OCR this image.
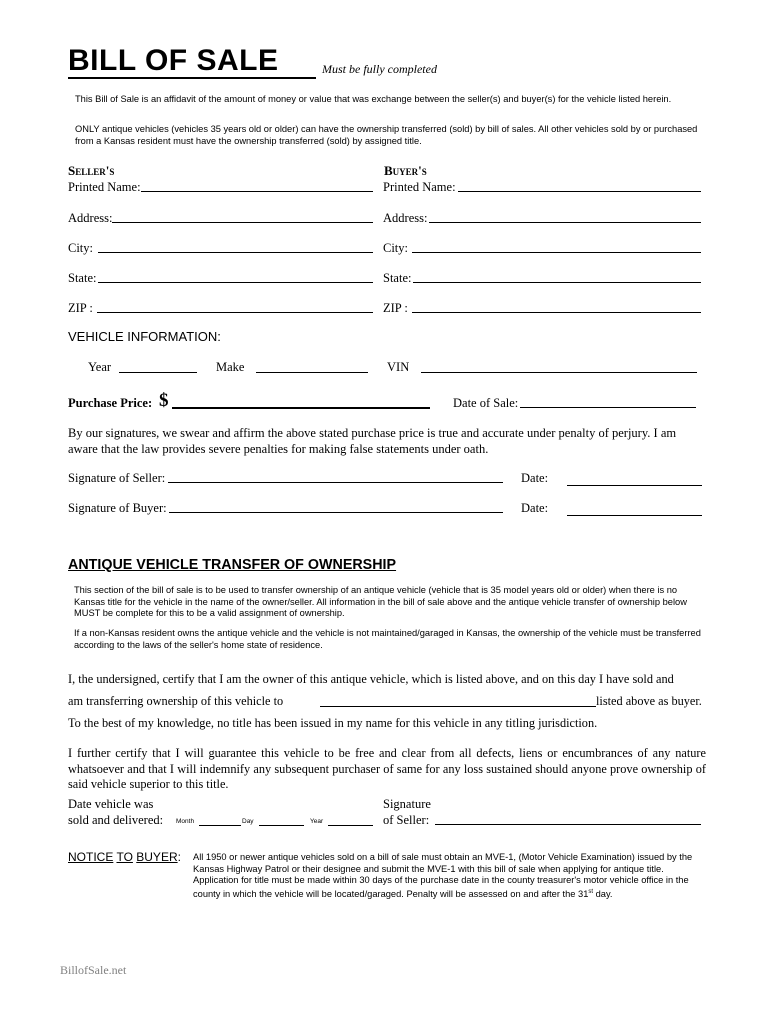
BILL OF SALE	Must be fully completed
This Bill of Sale is an affidavit of the amount of money or value that was exchange between the seller(s) and buyer(s) for the vehicle listed herein.
ONLY antique vehicles (vehicles 35 years old or older) can have the ownership transferred (sold) by bill of sales. All other vehicles sold by or purchased from a Kansas resident must have the ownership transferred (sold) by assigned title.
Seller's
Printed Name:
Address:
City:
State:
ZIP :
Buyer's
Printed Name:
Address:
City:
State:
ZIP :
VEHICLE INFORMATION:
Year	Make	VIN
Purchase Price: $	Date of Sale:
By our signatures, we swear and affirm the above stated purchase price is true and accurate under penalty of perjury. I am aware that the law provides severe penalties for making false statements under oath.
Signature of Seller:	Date:
Signature of Buyer:	Date:
ANTIQUE VEHICLE TRANSFER OF OWNERSHIP
This section of the bill of sale is to be used to transfer ownership of an antique vehicle (vehicle that is 35 model years old or older) when there is no Kansas title for the vehicle in the name of the owner/seller. All information in the bill of sale above and the antique vehicle transfer of ownership below MUST be complete for this to be a valid assignment of ownership.
If a non-Kansas resident owns the antique vehicle and the vehicle is not maintained/garaged in Kansas, the ownership of the vehicle must be transferred according to the laws of the seller's home state of residence.
I, the undersigned, certify that I am the owner of this antique vehicle, which is listed above, and on this day I have sold and
am transferring ownership of this vehicle to	listed above as buyer.
To the best of my knowledge, no title has been issued in my name for this vehicle in any titling jurisdiction.
I further certify that I will guarantee this vehicle to be free and clear from all defects, liens or encumbrances of any nature whatsoever and that I will indemnify any subsequent purchaser of same for any loss sustained should anyone prove ownership of said vehicle superior to this title.
Date vehicle was
sold and delivered: Month	Day	Year
Signature
of Seller:
NOTICE TO BUYER: All 1950 or newer antique vehicles sold on a bill of sale must obtain an MVE-1, (Motor Vehicle Examination) issued by the Kansas Highway Patrol or their designee and submit the MVE-1 with this bill of sale when applying for antique title. Application for title must be made within 30 days of the purchase date in the county treasurer's motor vehicle office in the county in which the vehicle will be located/garaged. Penalty will be assessed on and after the 31st day.
BillofSale.net
